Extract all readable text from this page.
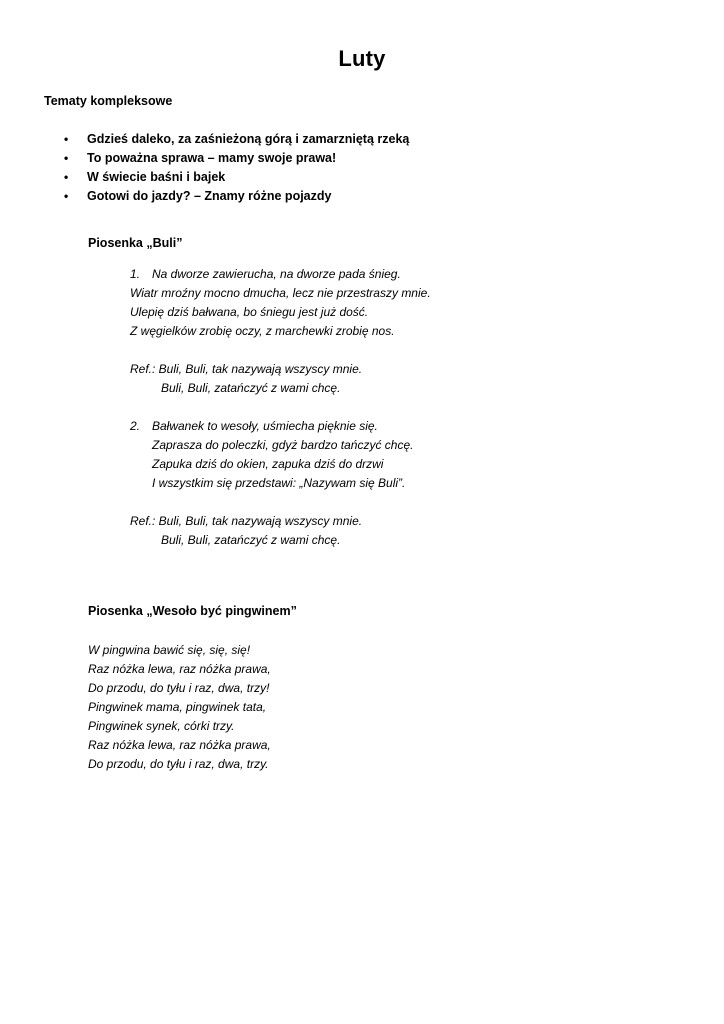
Luty
Tematy kompleksowe
• Gdzieś daleko, za zaśnieżoną górą i zamarzniętą rzeką
• To poważna sprawa – mamy swoje prawa!
• W świecie baśni i bajek
• Gotowi do jazdy? – Znamy różne pojazdy
Piosenka „Buli”
1. Na dworze zawierucha, na dworze pada śnieg.
Wiatr mroźny mocno dmucha, lecz nie przestraszy mnie.
Ulepię dziś bałwana, bo śniegu jest już dość.
Z węgielków zrobię oczy, z marchewki zrobię nos.
Ref.: Buli, Buli, tak nazywają wszyscy mnie.
Buli, Buli, zatańczyć z wami chcę.
2. Bałwanek to wesoły, uśmiecha pięknie się.
Zaprasza do poleczki, gdyż bardzo tańczyć chcę.
Zapuka dziś do okien, zapuka dziś do drzwi
I wszystkim się przedstawi: „Nazywam się Buli”.
Ref.: Buli, Buli, tak nazywają wszyscy mnie.
Buli, Buli, zatańczyć z wami chcę.
Piosenka „Wesoło być pingwinem”
W pingwina bawić się, się, się!
Raz nóżka lewa, raz nóżka prawa,
Do przodu, do tyłu i raz, dwa, trzy!
Pingwinek mama, pingwinek tata,
Pingwinek synek, córki trzy.
Raz nóżka lewa, raz nóżka prawa,
Do przodu, do tyłu i raz, dwa, trzy.
